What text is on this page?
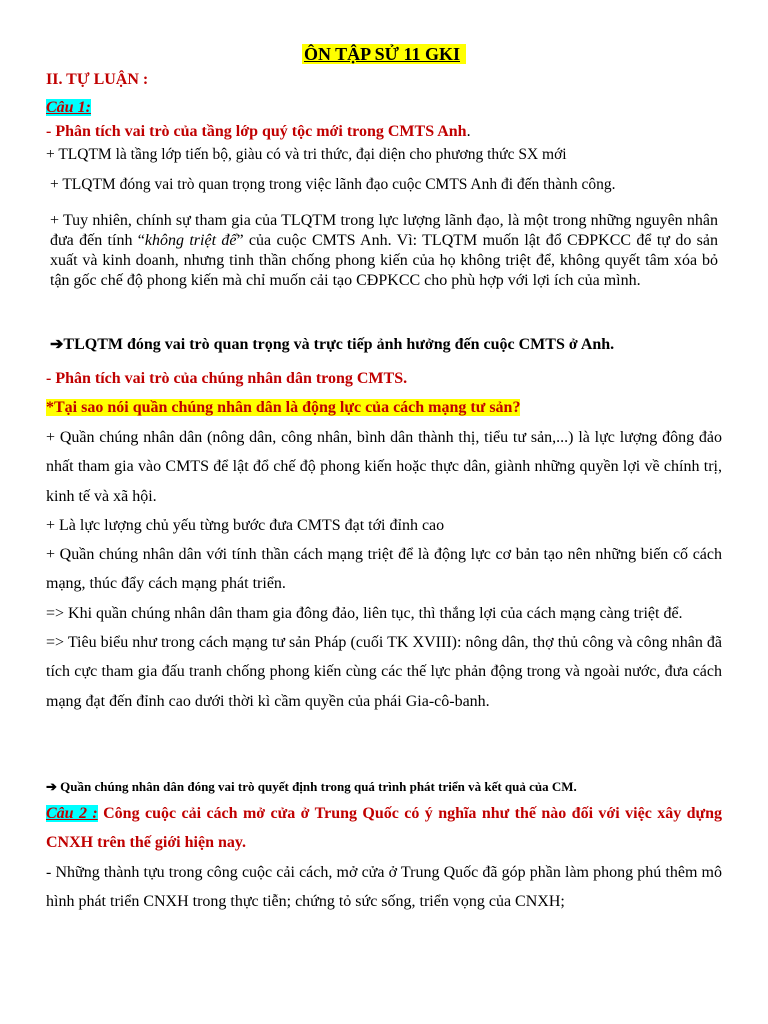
ÔN TẬP SỬ 11 GKI
II. TỰ LUẬN :
Câu 1:
- Phân tích vai trò của tầng lớp quý tộc mới trong CMTS Anh.
+ TLQTM là tầng lớp tiến bộ, giàu có và tri thức, đại diện cho phương thức SX mới
+ TLQTM đóng vai trò quan trọng trong việc lãnh đạo cuộc CMTS Anh đi đến thành công.

+ Tuy nhiên, chính sự tham gia của TLQTM trong lực lượng lãnh đạo, là một trong những nguyên nhân đưa đến tính “không triệt để” của cuộc CMTS Anh. Vì: TLQTM muốn lật đổ CĐPKCC để tự do sản xuất và kinh doanh, nhưng tinh thần chống phong kiến của họ không triệt để, không quyết tâm xóa bỏ tận gốc chế độ phong kiến mà chỉ muốn cải tạo CĐPKCC cho phù hợp với lợi ích của mình.

➔TLQTM đóng vai trò quan trọng và trực tiếp ảnh hưởng đến cuộc CMTS ở Anh.
- Phân tích vai trò của chúng nhân dân trong CMTS.
*Tại sao nói quần chúng nhân dân là động lực của cách mạng tư sản?

+ Quần chúng nhân dân (nông dân, công nhân, bình dân thành thị, tiểu tư sản,...) là lực lượng đông đảo nhất tham gia vào CMTS để lật đổ chế độ phong kiến hoặc thực dân, giành những quyền lợi về chính trị, kinh tế và xã hội.

+ Là lực lượng chủ yếu từng bước đưa CMTS đạt tới đỉnh cao

+ Quần chúng nhân dân với tính thần cách mạng triệt để là động lực cơ bản tạo nên những biến cố cách mạng, thúc đẩy cách mạng phát triển.

=> Khi quần chúng nhân dân tham gia đông đảo, liên tục, thì thắng lợi của cách mạng càng triệt để.

=> Tiêu biểu như trong cách mạng tư sản Pháp (cuối TK XVIII): nông dân, thợ thủ công và công nhân đã tích cực tham gia đấu tranh chống phong kiến cùng các thế lực phản động trong và ngoài nước, đưa cách mạng đạt đến đỉnh cao dưới thời kì cầm quyền của phái Gia-cô-banh.

➔ Quần chúng nhân dân đóng vai trò quyết định trong quá trình phát triển và kết quả của CM.

Câu 2 : Công cuộc cải cách mở cửa ở Trung Quốc có ý nghĩa như thế nào đối với việc xây dựng CNXH trên thế giới hiện nay.

- Những thành tựu trong công cuộc cải cách, mở cửa ở Trung Quốc đã góp phần làm phong phú thêm mô hình phát triển CNXH trong thực tiễn; chứng tỏ sức sống, triển vọng của CNXH;
